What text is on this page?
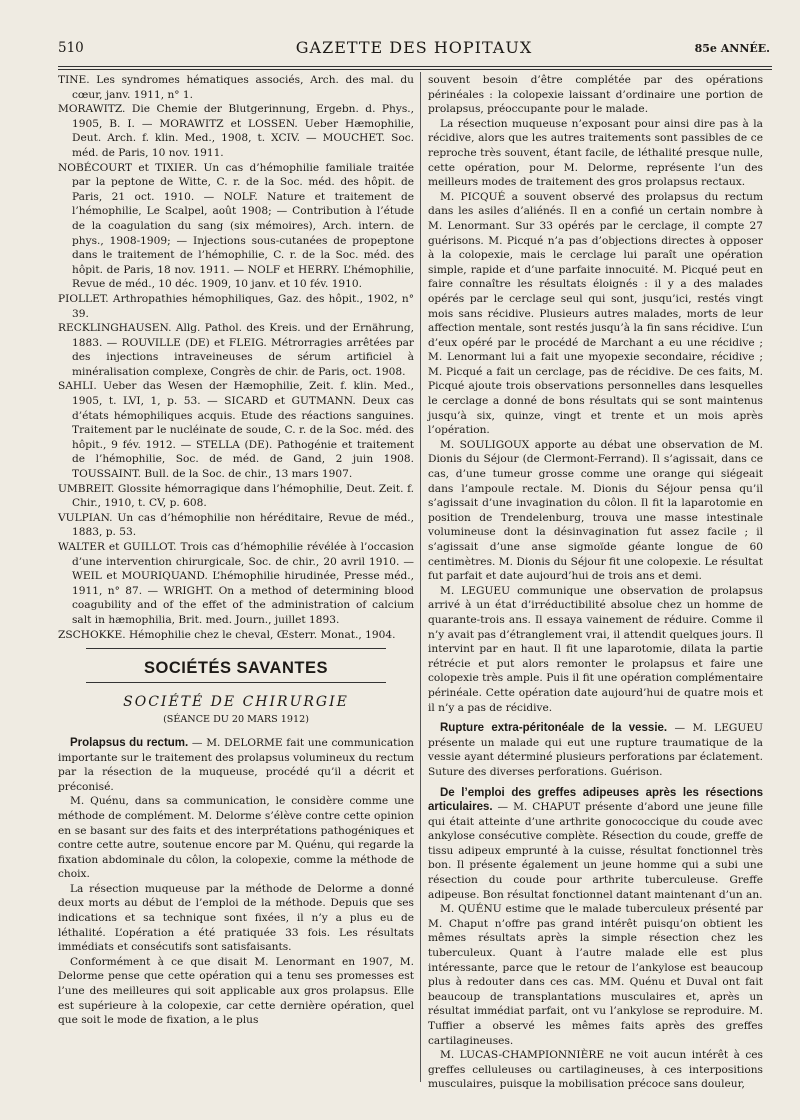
510	GAZETTE DES HOPITAUX	85e ANNÉE.

TINE. Les syndromes hématiques associés, Arch. des mal. du cœur, janv. 1911, n° 1.

MORAWITZ. Die Chemie der Blutgerinnung, Ergebn. d. Phys., 1905, B. I. — MORAWITZ et LOSSEN. Ueber Hæmophilie, Deut. Arch. f. klin. Med., 1908, t. XCIV. — MOUCHET. Soc. méd. de Paris, 10 nov. 1911.

NOBÉCOURT et TIXIER. Un cas d’hémophilie familiale traitée par la peptone de Witte, C. r. de la Soc. méd. des hôpit. de Paris, 21 oct. 1910. — NOLF. Nature et traitement de l’hémophilie, Le Scalpel, août 1908; — Contribution à l’étude de la coagulation du sang (six mémoires), Arch. intern. de phys., 1908-1909; — Injections sous-cutanées de propeptone dans le traitement de l’hémophilie, C. r. de la Soc. méd. des hôpit. de Paris, 18 nov. 1911. — NOLF et HERRY. L’hémophilie, Revue de méd., 10 déc. 1909, 10 janv. et 10 fév. 1910.

PIOLLET. Arthropathies hémophiliques, Gaz. des hôpit., 1902, n° 39.

RECKLINGHAUSEN. Allg. Pathol. des Kreis. und der Ernährung, 1883. — ROUVILLE (DE) et FLEIG. Métrorragies arrêtées par des injections intraveineuses de sérum artificiel à minéralisation complexe, Congrès de chir. de Paris, oct. 1908.

SAHLI. Ueber das Wesen der Hæmophilie, Zeit. f. klin. Med., 1905, t. LVI, 1, p. 53. — SICARD et GUTMANN. Deux cas d’états hémophiliques acquis. Etude des réactions sanguines. Traitement par le nucléinate de soude, C. r. de la Soc. méd. des hôpit., 9 fév. 1912. — STELLA (DE). Pathogénie et traitement de l’hémophilie, Soc. de méd. de Gand, 2 juin 1908. TOUSSAINT. Bull. de la Soc. de chir., 13 mars 1907.

UMBREIT. Glossite hémorragique dans l’hémophilie, Deut. Zeit. f. Chir., 1910, t. CV, p. 608.

VULPIAN. Un cas d’hémophilie non héréditaire, Revue de méd., 1883, p. 53.

WALTER et GUILLOT. Trois cas d’hémophilie révélée à l’occasion d’une intervention chirurgicale, Soc. de chir., 20 avril 1910. — WEIL et MOURIQUAND. L’hémophilie hirudinée, Presse méd., 1911, n° 87. — WRIGHT. On a method of determining blood coagubility and of the effet of the administration of calcium salt in hæmophilia, Brit. med. Journ., juillet 1893.

ZSCHOKKE. Hémophilie chez le cheval, Œsterr. Monat., 1904.

SOCIÉTÉS SAVANTES
SOCIÉTÉ DE CHIRURGIE
(SÉANCE DU 20 MARS 1912)

Prolapsus du rectum. — M. DELORME fait une communication importante sur le traitement des prolapsus volumineux du rectum par la résection de la muqueuse, procédé qu’il a décrit et préconisé.

M. Quénu, dans sa communication, le considère comme une méthode de complément. M. Delorme s’élève contre cette opinion en se basant sur des faits et des interprétations pathogéniques et contre cette autre, soutenue encore par M. Quénu, qui regarde la fixation abdominale du côlon, la colopexie, comme la méthode de choix.

La résection muqueuse par la méthode de Delorme a donné deux morts au début de l’emploi de la méthode. Depuis que ses indications et sa technique sont fixées, il n’y a plus eu de léthalité. L’opération a été pratiquée 33 fois. Les résultats immédiats et consécutifs sont satisfaisants.

Conformément à ce que disait M. Lenormant en 1907, M. Delorme pense que cette opération qui a tenu ses promesses est l’une des meilleures qui soit applicable aux gros prolapsus. Elle est supérieure à la colopexie, car cette dernière opération, quel que soit le mode de fixation, a le plus

souvent besoin d’être complétée par des opérations périnéales : la colopexie laissant d’ordinaire une portion de prolapsus, préoccupante pour le malade.

La résection muqueuse n’exposant pour ainsi dire pas à la récidive, alors que les autres traitements sont passibles de ce reproche très souvent, étant facile, de léthalité presque nulle, cette opération, pour M. Delorme, représente l’un des meilleurs modes de traitement des gros prolapsus rectaux.

M. PICQUÉ a souvent observé des prolapsus du rectum dans les asiles d’aliénés. Il en a confié un certain nombre à M. Lenormant. Sur 33 opérés par le cerclage, il compte 27 guérisons. M. Picqué n’a pas d’objections directes à opposer à la colopexie, mais le cerclage lui paraît une opération simple, rapide et d’une parfaite innocuité. M. Picqué peut en faire connaître les résultats éloignés : il y a des malades opérés par le cerclage seul qui sont, jusqu’ici, restés vingt mois sans récidive. Plusieurs autres malades, morts de leur affection mentale, sont restés jusqu’à la fin sans récidive. L’un d’eux opéré par le procédé de Marchant a eu une récidive ; M. Lenormant lui a fait une myopexie secondaire, récidive ; M. Picqué a fait un cerclage, pas de récidive. De ces faits, M. Picqué ajoute trois observations personnelles dans lesquelles le cerclage a donné de bons résultats qui se sont maintenus jusqu’à six, quinze, vingt et trente et un mois après l’opération.

M. SOULIGOUX apporte au débat une observation de M. Dionis du Séjour (de Clermont-Ferrand). Il s’agissait, dans ce cas, d’une tumeur grosse comme une orange qui siégeait dans l’ampoule rectale. M. Dionis du Séjour pensa qu’il s’agissait d’une invagination du côlon. Il fit la laparotomie en position de Trendelenburg, trouva une masse intestinale volumineuse dont la désinvagination fut assez facile ; il s’agissait d’une anse sigmoïde géante longue de 60 centimètres. M. Dionis du Séjour fit une colopexie. Le résultat fut parfait et date aujourd’hui de trois ans et demi.

M. LEGUEU communique une observation de prolapsus arrivé à un état d’irréductibilité absolue chez un homme de quarante-trois ans. Il essaya vainement de réduire. Comme il n’y avait pas d’étranglement vrai, il attendit quelques jours. Il intervint par en haut. Il fit une laparotomie, dilata la partie rétrécie et put alors remonter le prolapsus et faire une colopexie très ample. Puis il fit une opération complémentaire périnéale. Cette opération date aujourd’hui de quatre mois et il n’y a pas de récidive.

Rupture extra-péritonéale de la vessie. — M. LEGUEU présente un malade qui eut une rupture traumatique de la vessie ayant déterminé plusieurs perforations par éclatement. Suture des diverses perforations. Guérison.

De l’emploi des greffes adipeuses après les résections articulaires. — M. CHAPUT présente d’abord une jeune fille qui était atteinte d’une arthrite gonococcique du coude avec ankylose consécutive complète. Résection du coude, greffe de tissu adipeux emprunté à la cuisse, résultat fonctionnel très bon. Il présente également un jeune homme qui a subi une résection du coude pour arthrite tuberculeuse. Greffe adipeuse. Bon résultat fonctionnel datant maintenant d’un an.

M. QUÉNU estime que le malade tuberculeux présenté par M. Chaput n’offre pas grand intérêt puisqu’on obtient les mêmes résultats après la simple résection chez les tuberculeux. Quant à l’autre malade elle est plus intéressante, parce que le retour de l’ankylose est beaucoup plus à redouter dans ces cas. MM. Quénu et Duval ont fait beaucoup de transplantations musculaires et, après un résultat immédiat parfait, ont vu l’ankylose se reproduire. M. Tuffier a observé les mêmes faits après des greffes cartilagineuses.

M. LUCAS-CHAMPIONNIÈRE ne voit aucun intérêt à ces greffes celluleuses ou cartilagineuses, à ces interpositions musculaires, puisque la mobilisation précoce sans douleur,
